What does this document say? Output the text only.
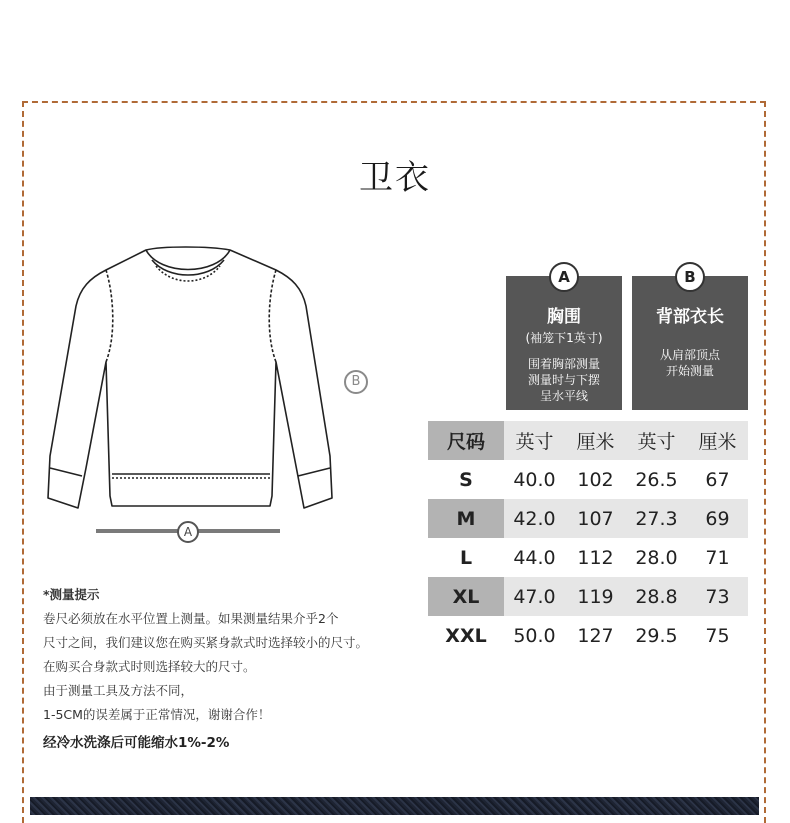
卫衣
B
A
A
胸围
(袖笼下1英寸)
围着胸部测量
测量时与下摆
呈水平线
B
背部衣长
从肩部顶点
开始测量
尺码	英寸	厘米	英寸	厘米
S	40.0	102	26.5	67
M	42.0	107	27.3	69
L	44.0	112	28.0	71
XL	47.0	119	28.8	73
XXL	50.0	127	29.5	75
*测量提示
卷尺必须放在水平位置上测量。如果测量结果介乎2个
尺寸之间，我们建议您在购买紧身款式时选择较小的尺寸。
在购买合身款式时则选择较大的尺寸。
由于测量工具及方法不同，
1-5CM的误差属于正常情况，谢谢合作！
经冷水洗涤后可能缩水1%-2%
